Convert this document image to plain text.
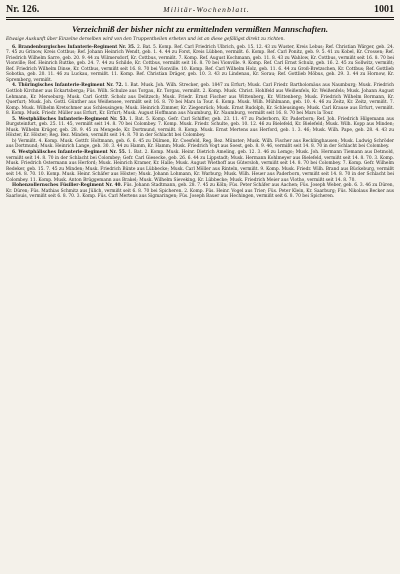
Nr. 126.	Militär-Wochenblatt.	1001
Verzeichniß der bisher nicht zu ermittelnden vermißten Mannschaften.

Etwaige Auskunft über Einzelne derselben wird von den Truppentheilen erbeten und ist an diese gefälligst direkt zu richten.

6. Brandenburgisches Infanterie-Regiment Nr. 35. 2. Bat. 5. Komp. Ref. Carl Friedrich Ulbrich, geb. 15. 12. 43 zu Wuster, Kreis Lebus; Ref. Christian Wärger, geb. 24. 7. 45 zu Grinow, Kreis Cottbus; Ref. Johann Heinrich Wendt, geb. 1. 4. 44 zu Forst, Kreis Lübben, vermißt. 6. Komp. Ref. Carl Ponitz, geb. 9. 5. 41 zu Kobel, Kr. Crossen; Ref. Friedrich Wilhelm Sarre, geb. 20. 9. 44 zu Wilmersdorf, Kr. Cottbus, vermißt. 7. Komp. Ref. August Kochmann, geb. 11. 8. 43 zu Wahlow, Kr. Cottbus, vermißt seit 16. 8. 70 bei Vionville; Ref. Heinrich Ruttke, geb. 24. 7. 44 zu Schilde, Kr. Cottbus, vermißt seit 16. 8. 70 bei Vionville. 9. Komp. Ref. Carl Ernst Schulz, geb. 16. 2. 45 zu Sollwitz, vermißt; Ref. Friedrich Wilhelm Dinse, Kr. Cottbus, vermißt seit 16. 8. 70 bei Vionville. 10. Komp. Ref. Carl Wilhelm Holz, geb. 11. 6. 44 zu Groß-Bretzschen, Kr. Cottbus; Ref. Gottlieb Sobotka, geb. 20. 11. 46 zu Luckau, vermißt. 11. Komp. Ref. Christian Dräger, geb. 10. 3. 43 zu Lindenau, Kr. Sorau; Ref. Gottlieb Möbus, geb. 29. 3. 44 zu Hornow, Kr. Spremberg, vermißt.

4. Thüringisches Infanterie-Regiment Nr. 72. 1. Bat. Musk. Joh. Wilh. Strecker, geb. 1847 zu Erfurt; Musk. Carl Friedr. Bartholomäus aus Naumburg; Musk. Friedrich Gottlob Kirchner aus Eckartsberga; Füs. Wilh. Schulze aus Torgau, Kr. Torgau, vermißt. 2. Komp. Musk. Christ. Hohlfeld aus Weißenfels, Kr. Weißenfels; Musk. Johann August Lehmann, Kr. Merseburg; Musk. Carl Gottfr. Scholz aus Delitzsch; Musk. Friedr. Ernst Fischer aus Wittenberg, Kr. Wittenberg; Musk. Friedrich Wilhelm Bormann, Kr. Querfurt; Musk. Joh. Gottl. Günther aus Weißensee, vermißt seit 16. 8. 70 bei Mars la Tour. 6. Komp. Musk. Wilh. Mühlmann, geb. 10. 4. 46 zu Zeitz, Kr. Zeitz, vermißt. 7. Komp. Musk. Wilhelm Kretschmer aus Schleusingen; Musk. Heinrich Zimmer, Kr. Ziegenrück; Musk. Ernst Rudolph, Kr. Schleusingen; Musk. Carl Krause aus Erfurt, vermißt. 8. Komp. Musk. Friedr. Müller aus Erfurt, Kr. Erfurt; Musk. August Hoffmann aus Naumburg, Kr. Naumburg, vermißt seit 16. 8. 70 bei Mars la Tour.

5. Westphälisches Infanterie-Regiment Nr. 53. 1. Bat. 5. Komp. Gefr. Carl Schiffer, geb. 23. 11. 47 zu Paderborn, Kr. Paderborn; Ref. Joh. Friedrich Hilgemann aus Burgsteinfurt, geb. 25. 11. 45, vermißt seit 14. 8. 70 bei Colombey. 7. Komp. Musk. Friedr. Schulte, geb. 10. 12. 46 zu Bielefeld, Kr. Bielefeld; Musk. Wilh. Kopp aus Minden; Musk. Wilhelm Krüger, geb. 28. 9. 45 zu Mengede, Kr. Dortmund, vermißt. 8. Komp. Musk. Ernst Mertens aus Herford, geb. 1. 3. 46; Musk. Wilh. Pape, geb. 28. 4. 43 zu Höxter, Kr. Höxter; Reg. Bez. Minden, vermißt seit 14. 8. 70 in der Schlacht bei Colombey.

b) Vermißt. 4. Komp. Musk. Gottfr. Holtmann, geb. 6. 6. 45 zu Dülmen, Kr. Coesfeld, Reg. Bez. Münster; Musk. Wilh. Fischer aus Recklinghausen; Musk. Ludwig Schröder aus Dortmund; Musk. Heinrich Lange, geb. 30. 3. 44 zu Hamm, Kr. Hamm; Musk. Friedrich Vogt aus Soest, geb. 8. 9. 46, vermißt seit 14. 8. 70 in der Schlacht bei Colombey.

6. Westphälisches Infanterie-Regiment Nr. 55. 1. Bat. 2. Komp. Musk. Heinr. Dietrich Ameling, geb. 12. 3. 46 zu Lemgo; Musk. Joh. Hermann Tiemann aus Detmold, vermißt seit 14. 8. 70 in der Schlacht bei Colombey; Gefr. Carl Giesecke, geb. 26. 6. 44 zu Lippstadt; Musk. Hermann Kohlmeyer aus Bielefeld, vermißt seit 14. 8. 70. 3. Komp. Musk. Friedrich Ostermann aus Herford; Musk. Heinrich Kramer, Kr. Halle; Musk. August Wiethoff aus Gütersloh, vermißt seit 14. 8. 70 bei Colombey. 7. Komp. Gefr. Wilhelm Redeker, geb. 15. 7. 45 zu Minden; Musk. Friedrich Bünte aus Lübbecke; Musk. Carl Möller aus Rinteln, vermißt. 9. Komp. Musk. Friedr. Wilh. Brand aus Bückeburg, vermißt seit 14. 8. 70. 10. Komp. Musk. Heinr. Schäfer aus Höxter; Musk. Johann Lohmann, Kr. Warburg; Musk. Wilh. Heuer aus Paderborn, vermißt seit 14. 8. 70 in der Schlacht bei Colombey. 11. Komp. Musk. Anton Brüggemann aus Brakel; Musk. Wilhelm Sieveking, Kr. Lübbecke; Musk. Friedrich Meier aus Vlotho, vermißt seit 14. 8. 70.

Hohenzollernsches Füsilier-Regiment Nr. 40. Füs. Johann Stadtmann, geb. 28. 7. 45 zu Köln; Füs. Peter Schäfer aus Aachen; Füs. Joseph Weber, geb. 6. 3. 46 zu Düren, Kr. Düren; Füs. Mathias Schmitz aus Jülich, vermißt seit 6. 8. 70 bei Spicheren. 2. Komp. Füs. Heinr. Vogel aus Trier; Füs. Peter Klein, Kr. Saarburg; Füs. Nikolaus Becker aus Saarlouis, vermißt seit 6. 8. 70. 3. Komp. Füs. Carl Mertens aus Sigmaringen; Füs. Joseph Bauer aus Hechingen, vermißt seit 6. 8. 70 bei Spicheren.
